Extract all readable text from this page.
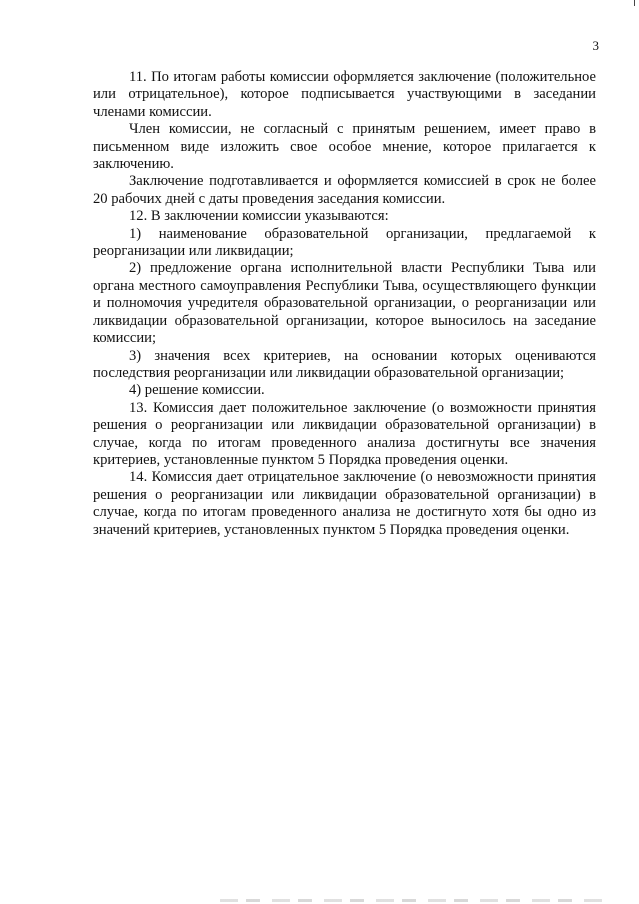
3

11. По итогам работы комиссии оформляется заключение (положительное или отрицательное), которое подписывается участвующими в заседании членами комиссии.

Член комиссии, не согласный с принятым решением, имеет право в письменном виде изложить свое особое мнение, которое прилагается к заключению.

Заключение подготавливается и оформляется комиссией в срок не более 20 рабочих дней с даты проведения заседания комиссии.

12. В заключении комиссии указываются:

1) наименование образовательной организации, предлагаемой к реорганизации или ликвидации;

2) предложение органа исполнительной власти Республики Тыва или органа местного самоуправления Республики Тыва, осуществляющего функции и полномочия учредителя образовательной организации, о реорганизации или ликвидации образовательной организации, которое выносилось на заседание комиссии;

3) значения всех критериев, на основании которых оцениваются последствия реорганизации или ликвидации образовательной организации;

4) решение комиссии.

13. Комиссия дает положительное заключение (о возможности принятия решения о реорганизации или ликвидации образовательной организации) в случае, когда по итогам проведенного анализа достигнуты все значения критериев, установленные пунктом 5 Порядка проведения оценки.

14. Комиссия дает отрицательное заключение (о невозможности принятия решения о реорганизации или ликвидации образовательной организации) в случае, когда по итогам проведенного анализа не достигнуто хотя бы одно из значений критериев, установленных пунктом 5 Порядка проведения оценки.
